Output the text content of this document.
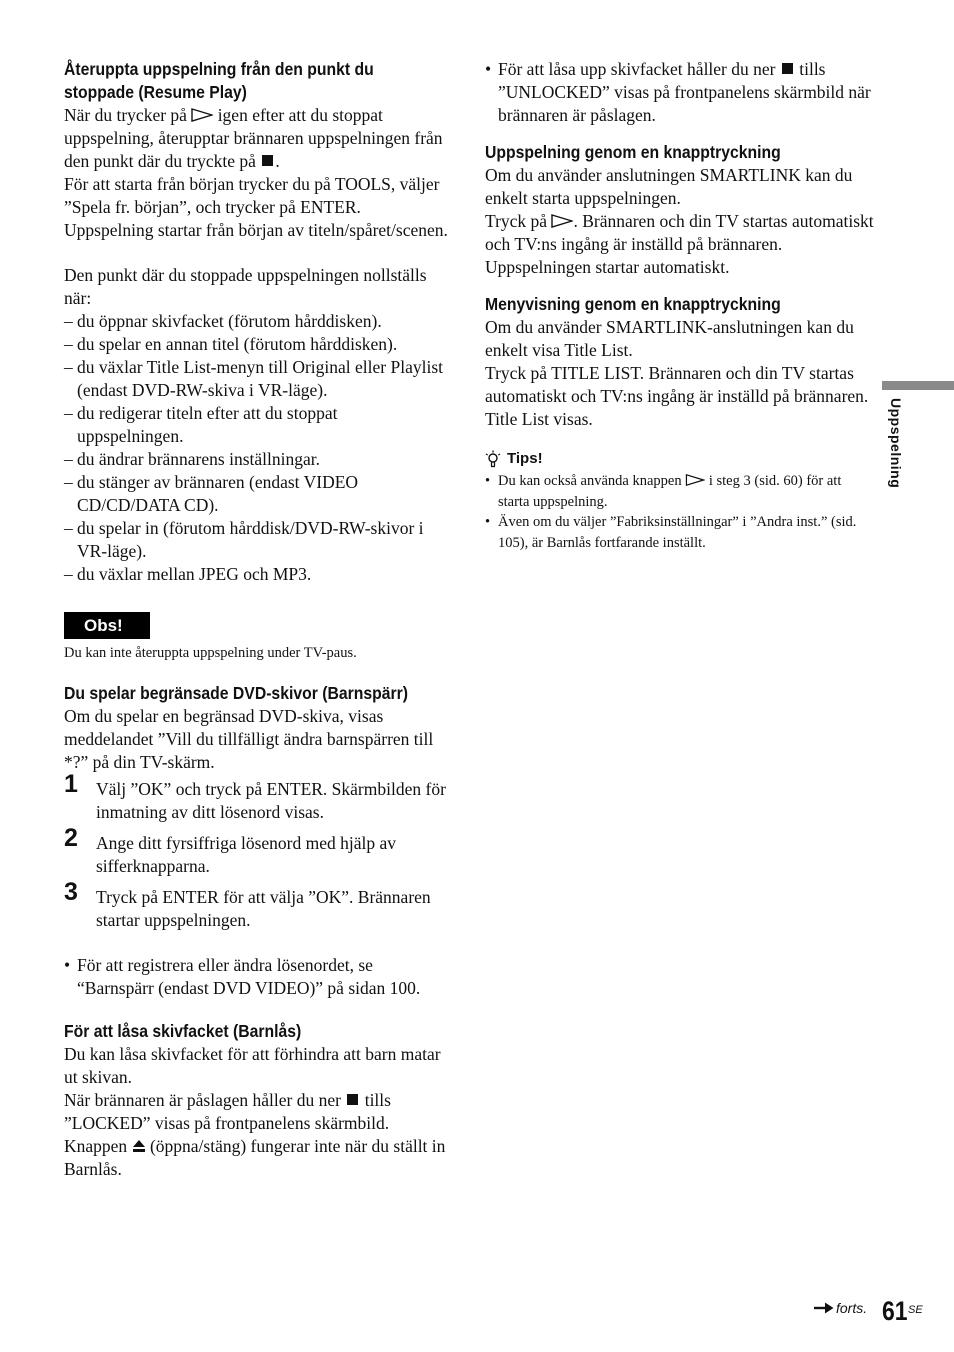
Återuppta uppspelning från den punkt du stoppade (Resume Play)

När du trycker på igen efter att du stoppat uppspelning, återupptar brännaren uppspelningen från den punkt där du tryckte på .

För att starta från början trycker du på TOOLS, väljer ”Spela fr. början”, och trycker på ENTER. Uppspelning startar från början av titeln/spåret/scenen.

Den punkt där du stoppade uppspelningen nollställs när:

– du öppnar skivfacket (förutom hårddisken).
– du spelar en annan titel (förutom hårddisken).
– du växlar Title List-menyn till Original eller Playlist (endast DVD-RW-skiva i VR-läge).
– du redigerar titeln efter att du stoppat uppspelningen.
– du ändrar brännarens inställningar.
– du stänger av brännaren (endast VIDEO CD/CD/DATA CD).
– du spelar in (förutom hårddisk/DVD-RW-skivor i VR-läge).
– du växlar mellan JPEG och MP3.
Obs!

Du kan inte återuppta uppspelning under TV-paus.

Du spelar begränsade DVD-skivor (Barnspärr)

Om du spelar en begränsad DVD-skiva, visas meddelandet ”Vill du tillfälligt ändra barnspärren till *?” på din TV-skärm.

1 Välj ”OK” och tryck på ENTER. Skärmbilden för inmatning av ditt lösenord visas.
2 Ange ditt fyrsiffriga lösenord med hjälp av sifferknapparna.
3 Tryck på ENTER för att välja ”OK”. Brännaren startar uppspelningen.
• För att registrera eller ändra lösenordet, se “Barnspärr (endast DVD VIDEO)” på sidan 100.
För att låsa skivfacket (Barnlås)

Du kan låsa skivfacket för att förhindra att barn matar ut skivan.

När brännaren är påslagen håller du ner tills ”LOCKED” visas på frontpanelens skärmbild. Knappen (öppna/stäng) fungerar inte när du ställt in Barnlås.

• För att låsa upp skivfacket håller du ner tills ”UNLOCKED” visas på frontpanelens skärmbild när brännaren är påslagen.
Uppspelning genom en knapptryckning

Om du använder anslutningen SMARTLINK kan du enkelt starta uppspelningen.

Tryck på . Brännaren och din TV startas automatiskt och TV:ns ingång är inställd på brännaren. Uppspelningen startar automatiskt.

Menyvisning genom en knapptryckning

Om du använder SMARTLINK-anslutningen kan du enkelt visa Title List.

Tryck på TITLE LIST. Brännaren och din TV startas automatiskt och TV:ns ingång är inställd på brännaren. Title List visas.

Tips!
• Du kan också använda knappen i steg 3 (sid. 60) för att starta uppspelning.
• Även om du väljer ”Fabriksinställningar” i ”Andra inst.” (sid. 105), är Barnlås fortfarande inställt.
Uppspelning
forts. 61 SE
